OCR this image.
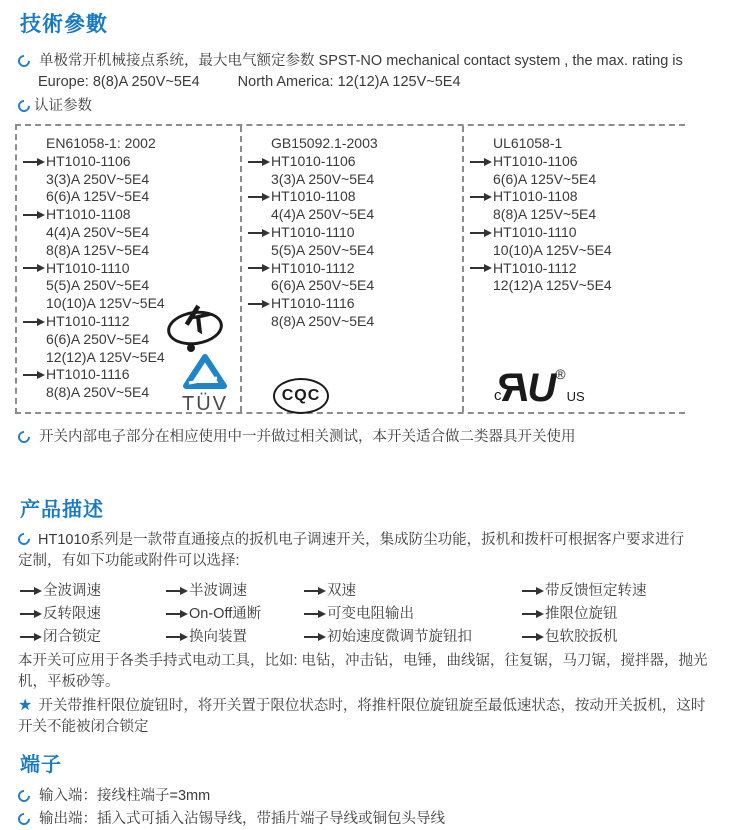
技術參數
单极常开机械接点系统，最大电气额定参数 SPST-NO mechanical contact system , the max. rating is
Europe: 8(8)A 250V~5E4	North America: 12(12)A 125V~5E4
认证参数
EN61058-1: 2002
HT1010-1106
3(3)A 250V~5E4
6(6)A 125V~5E4
HT1010-1108
4(4)A 250V~5E4
8(8)A 125V~5E4
HT1010-1110
5(5)A 250V~5E4
10(10)A 125V~5E4
HT1010-1112
6(6)A 250V~5E4
12(12)A 125V~5E4
HT1010-1116
8(8)A 250V~5E4
GB15092.1-2003
HT1010-1106
3(3)A 250V~5E4
HT1010-1108
4(4)A 250V~5E4
HT1010-1110
5(5)A 250V~5E4
HT1010-1112
6(6)A 250V~5E4
HT1010-1116
8(8)A 250V~5E4
UL61058-1
HT1010-1106
6(6)A 125V~5E4
HT1010-1108
8(8)A 125V~5E4
HT1010-1110
10(10)A 125V~5E4
HT1010-1112
12(12)A 125V~5E4
K
TÜV	CQC	c RU ®
US
开关内部电子部分在相应使用中一并做过相关测试，本开关适合做二类器具开关使用
产品描述

HT1010系列是一款带直通接点的扳机电子调速开关，集成防尘功能，扳机和拨杆可根据客户要求进行定制，有如下功能或附件可以选择:

全波调速	半波调速	双速	带反馈恒定转速
反转限速	On-Off通断	可变电阻输出	推限位旋钮
闭合锁定	换向装置	初始速度微调节旋钮扣	包软胶扳机

本开关可应用于各类手持式电动工具，比如: 电钻，冲击钻，电锤，曲线锯，往复锯，马刀锯，搅拌器，抛光机，平板砂等。

★ 开关带推杆限位旋钮时，将开关置于限位状态时，将推杆限位旋钮旋至最低速状态，按动开关扳机，这时开关不能被闭合锁定

端子
输入端：接线柱端子=3mm
输出端：插入式可插入沾锡导线，带插片端子导线或铜包头导线
